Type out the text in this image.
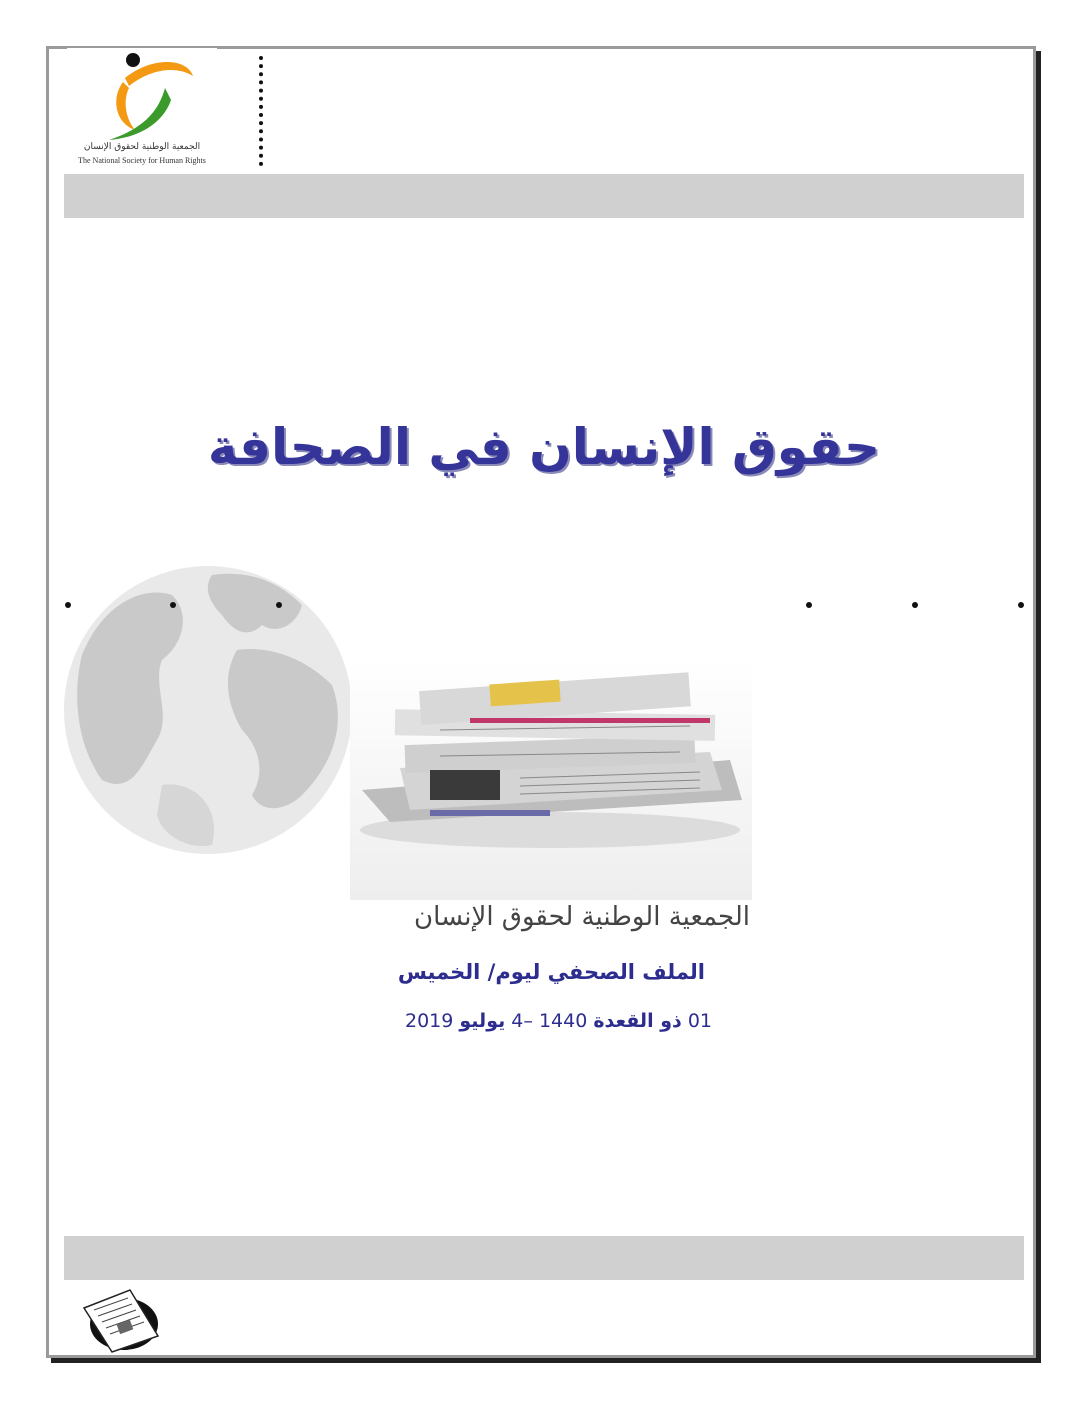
الجمعية الوطنية لحقوق الإنسان
The National Society for Human Rights
حقوق الإنسان في الصحافة
الجمعية الوطنية لحقوق الإنسان
الملف الصحفي ليوم/ الخميس
01 ذو القعدة 1440 –4 يوليو 2019
